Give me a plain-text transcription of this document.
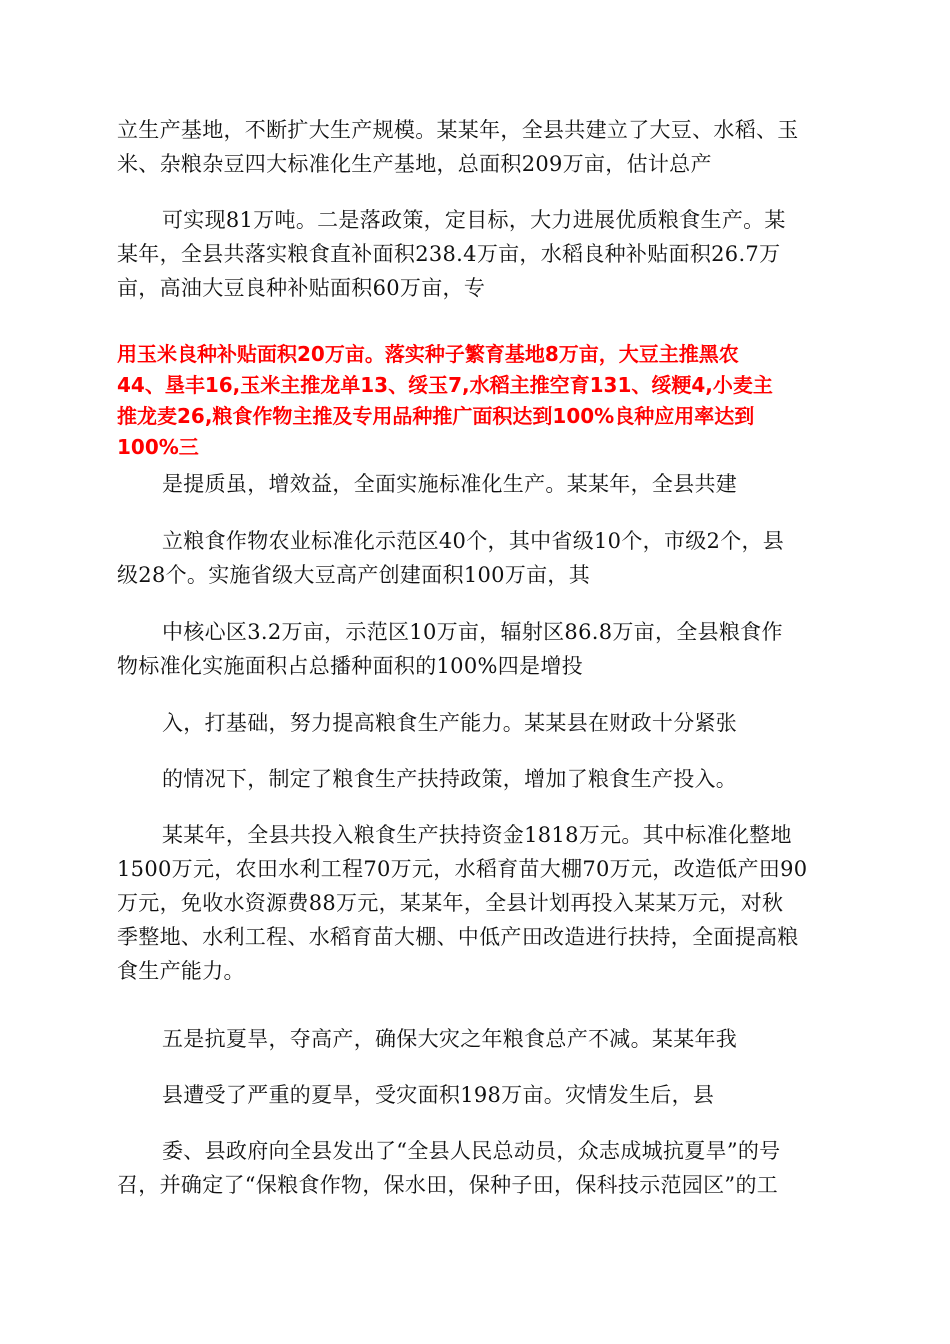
立生产基地，不断扩大生产规模。某某年，全县共建立了大豆、水稻、玉
米、杂粮杂豆四大标准化生产基地，总面积209万亩，估计总产

可实现81万吨。二是落政策，定目标，大力进展优质粮食生产。某
某年，全县共落实粮食直补面积238.4万亩，水稻良种补贴面积26.7万
亩，高油大豆良种补贴面积60万亩，专

用玉米良种补贴面积20万亩。落实种子繁育基地8万亩，大豆主推黑农
44、垦丰16,玉米主推龙单13、绥玉7,水稻主推空育131、绥粳4,小麦主
推龙麦26,粮食作物主推及专用品种推广面积达到100%良种应用率达到
100%三

是提质虽，增效益，全面实施标准化生产。某某年，全县共建

立粮食作物农业标准化示范区40个，其中省级10个，市级2个，县
级28个。实施省级大豆高产创建面积100万亩，其

中核心区3.2万亩，示范区10万亩，辐射区86.8万亩，全县粮食作
物标准化实施面积占总播种面积的100%四是增投

入，打基础，努力提高粮食生产能力。某某县在财政十分紧张

的情况下，制定了粮食生产扶持政策，增加了粮食生产投入。

某某年，全县共投入粮食生产扶持资金1818万元。其中标准化整地
1500万元，农田水利工程70万元，水稻育苗大棚70万元，改造低产田90
万元，免收水资源费88万元，某某年，全县计划再投入某某万元，对秋
季整地、水利工程、水稻育苗大棚、中低产田改造进行扶持，全面提高粮
食生产能力。

五是抗夏旱，夺高产，确保大灾之年粮食总产不减。某某年我

县遭受了严重的夏旱，受灾面积198万亩。灾情发生后，县

委、县政府向全县发出了“全县人民总动员，众志成城抗夏旱”的号
召，并确定了“保粮食作物，保水田，保种子田，保科技示范园区”的工
